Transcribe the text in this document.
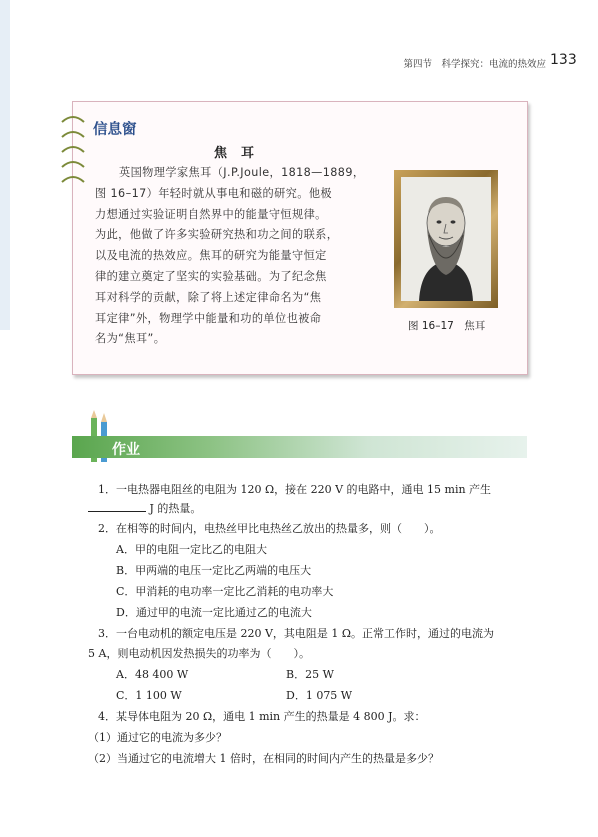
第四节　科学探究：电流的热效应 133
信息窗
焦耳
英国物理学家焦耳（J.P.Joule，1818—1889，
图 16–17）年轻时就从事电和磁的研究。他极
力想通过实验证明自然界中的能量守恒规律。
为此，他做了许多实验研究热和功之间的联系，
以及电流的热效应。焦耳的研究为能量守恒定
律的建立奠定了坚实的实验基础。为了纪念焦
耳对科学的贡献，除了将上述定律命名为“焦
耳定律”外，物理学中能量和功的单位也被命
名为“焦耳”。
图 16–17　焦耳
作业
1．一电热器电阻丝的电阻为 120 Ω，接在 220 V 的电路中，通电 15 min 产生
J 的热量。
2．在相等的时间内，电热丝甲比电热丝乙放出的热量多，则（　　）。
A．甲的电阻一定比乙的电阻大
B．甲两端的电压一定比乙两端的电压大
C．甲消耗的电功率一定比乙消耗的电功率大
D．通过甲的电流一定比通过乙的电流大
3．一台电动机的额定电压是 220 V，其电阻是 1 Ω。正常工作时，通过的电流为
5 A，则电动机因发热损失的功率为（　　）。
A．48 400 W	B．25 W
C．1 100 W	D．1 075 W
4．某导体电阻为 20 Ω，通电 1 min 产生的热量是 4 800 J。求：
（1）通过它的电流为多少？
（2）当通过它的电流增大 1 倍时，在相同的时间内产生的热量是多少？
